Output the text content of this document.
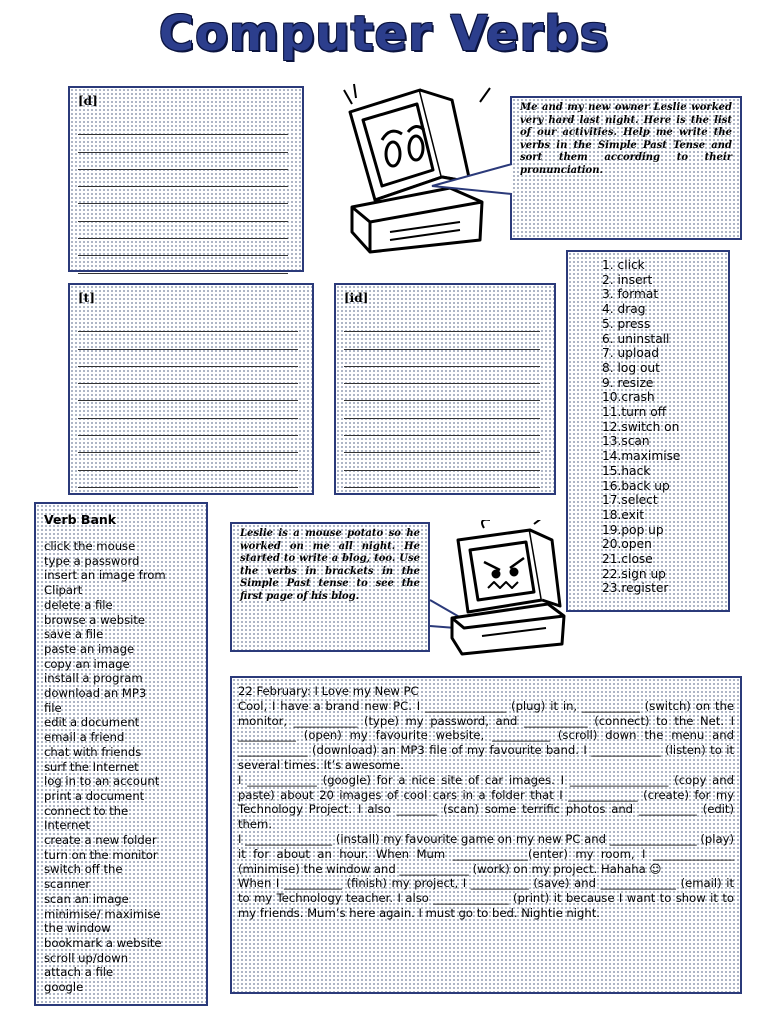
Computer Verbs
[d]
[t]	[id]
Me and my new owner Leslie worked very hard last night. Here is the list of our activities. Help me write the verbs in the Simple Past Tense and sort them according to their pronunciation.
1. click
2. insert
3. format
4. drag
5. press
6. uninstall
7. upload
8. log out
9. resize
10.crash
11.turn off
12.switch on
13.scan
14.maximise
15.hack
16.back up
17.select
18.exit
19.pop up
20.open
21.close
22.sign up
23.register
Verb Bank
click the mouse
type a password
insert an image from
Clipart
delete a file
browse a website
save a file
paste an image
copy an image
install a program
download an MP3
file
edit a document
email a friend
chat with friends
surf the Internet
log in to an account
print a document
connect to the
Internet
create a new folder
turn on the monitor
switch off the
scanner
scan an image
minimise/ maximise
the window
bookmark a website
scroll up/down
attach a file
google
Leslie is a mouse potato so he worked on me all night. He started to write a blog, too. Use the verbs in brackets in the Simple Past tense to see the first page of his blog.

22 February: I Love my New PC

Cool, I have a brand new PC. I ______________ (plug) it in, __________ (switch) on the monitor, ___________ (type) my password, and ___________ (connect) to the Net. I __________ (open) my favourite website, __________ (scroll) down the menu and ____________ (download) an MP3 file of my favourite band. I ____________ (listen) to it several times. It’s awesome.

I ____________ (google) for a nice site of car images. I _________________ (copy and paste) about 20 images of cool cars in a folder that I ____________ (create) for my Technology Project. I also _______ (scan) some terrific photos and __________ (edit) them.

I _______________ (install) my favourite game on my new PC and _______________ (play) it for about an hour. When Mum _____________(enter) my room, I ______________ (minimise) the window and ____________ (work) on my project. Hahaha ☺

When I __________ (finish) my project, I __________ (save) and _____________ (email) it to my Technology teacher. I also _____________ (print) it because I want to show it to my friends. Mum’s here again. I must go to bed. Nightie night.
